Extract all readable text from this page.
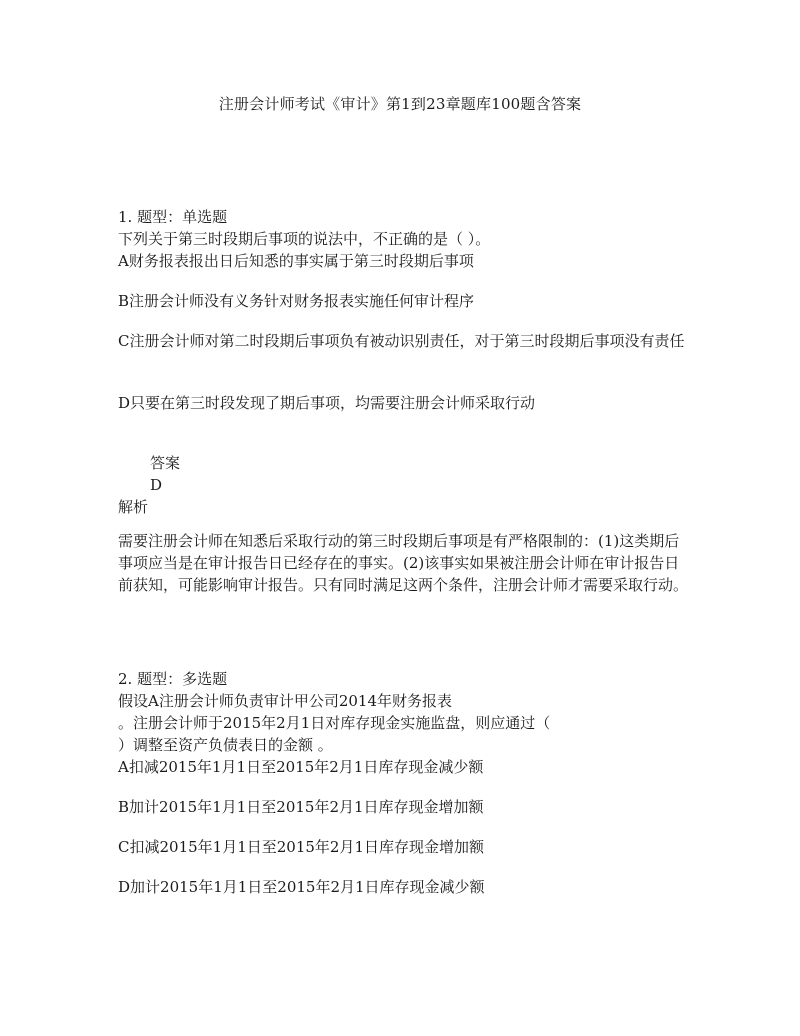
注册会计师考试《审计》第1到23章题库100题含答案
1. 题型：单选题
下列关于第三时段期后事项的说法中，不正确的是（ ）。
A财务报表报出日后知悉的事实属于第三时段期后事项
B注册会计师没有义务针对财务报表实施任何审计程序
C注册会计师对第二时段期后事项负有被动识别责任，对于第三时段期后事项没有责任
D只要在第三时段发现了期后事项，均需要注册会计师采取行动
答案
D
解析
需要注册会计师在知悉后采取行动的第三时段期后事项是有严格限制的：(1)这类期后事项应当是在审计报告日已经存在的事实。(2)该事实如果被注册会计师在审计报告日前获知，可能影响审计报告。只有同时满足这两个条件，注册会计师才需要采取行动。
2. 题型：多选题
假设A注册会计师负责审计甲公司2014年财务报表
。注册会计师于2015年2月1日对库存现金实施监盘，则应通过（
）调整至资产负债表日的金额 。
A扣减2015年1月1日至2015年2月1日库存现金减少额
B加计2015年1月1日至2015年2月1日库存现金增加额
C扣减2015年1月1日至2015年2月1日库存现金增加额
D加计2015年1月1日至2015年2月1日库存现金减少额
